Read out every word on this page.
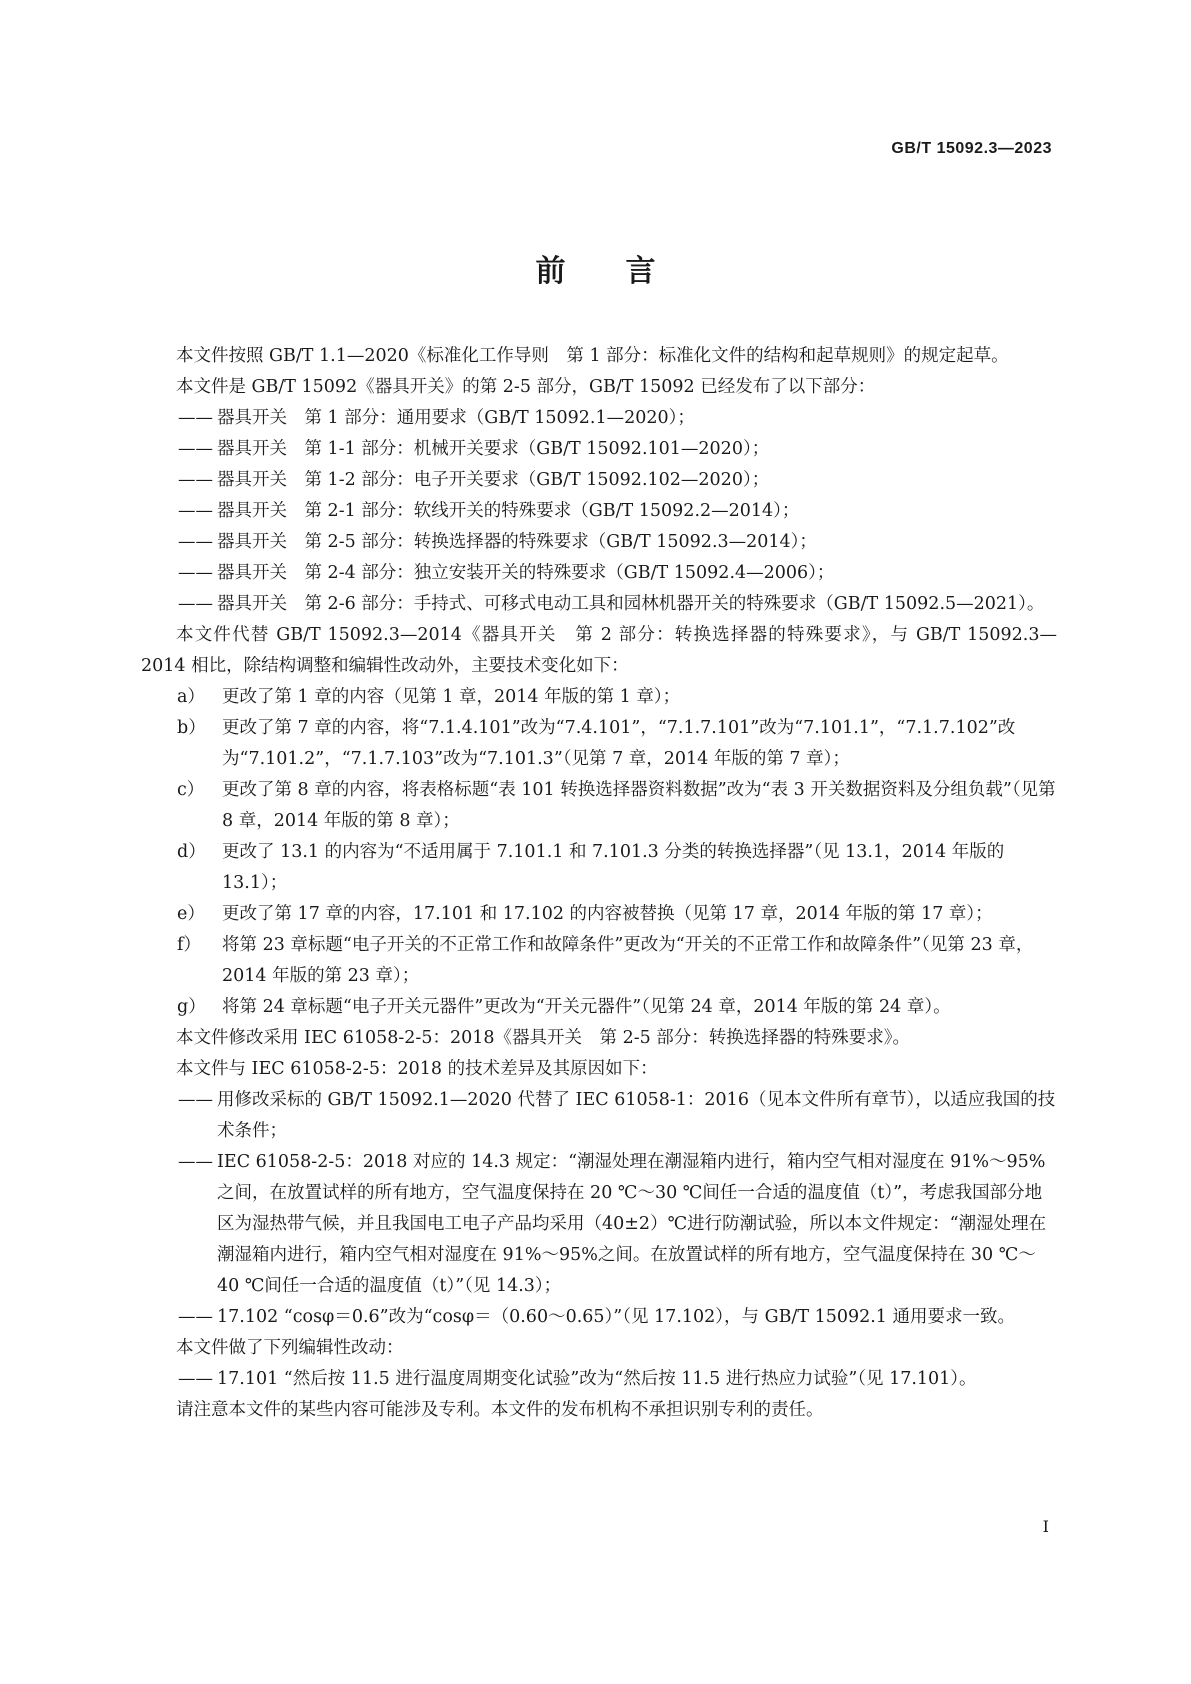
GB/T 15092.3—2023
前 言

本文件按照 GB/T 1.1—2020《标准化工作导则　第 1 部分：标准化文件的结构和起草规则》的规定起草。

本文件是 GB/T 15092《器具开关》的第 2-5 部分，GB/T 15092 已经发布了以下部分：

—— 器具开关　第 1 部分：通用要求（GB/T 15092.1—2020）；
—— 器具开关　第 1-1 部分：机械开关要求（GB/T 15092.101—2020）；
—— 器具开关　第 1-2 部分：电子开关要求（GB/T 15092.102—2020）；
—— 器具开关　第 2-1 部分：软线开关的特殊要求（GB/T 15092.2—2014）；
—— 器具开关　第 2-5 部分：转换选择器的特殊要求（GB/T 15092.3—2014）；
—— 器具开关　第 2-4 部分：独立安装开关的特殊要求（GB/T 15092.4—2006）；
—— 器具开关　第 2-6 部分：手持式、可移式电动工具和园林机器开关的特殊要求（GB/T 15092.5—2021）。

本文件代替 GB/T 15092.3—2014《器具开关　第 2 部分：转换选择器的特殊要求》，与 GB/T 15092.3—2014 相比，除结构调整和编辑性改动外，主要技术变化如下：

a） 更改了第 1 章的内容（见第 1 章，2014 年版的第 1 章）；
b） 更改了第 7 章的内容，将“7.1.4.101”改为“7.4.101”，“7.1.7.101”改为“7.101.1”，“7.1.7.102”改为“7.101.2”，“7.1.7.103”改为“7.101.3”（见第 7 章，2014 年版的第 7 章）；
c） 更改了第 8 章的内容，将表格标题“表 101 转换选择器资料数据”改为“表 3 开关数据资料及分组负载”（见第 8 章，2014 年版的第 8 章）；
d） 更改了 13.1 的内容为“不适用属于 7.101.1 和 7.101.3 分类的转换选择器”（见 13.1，2014 年版的 13.1）；
e） 更改了第 17 章的内容，17.101 和 17.102 的内容被替换（见第 17 章，2014 年版的第 17 章）；
f） 将第 23 章标题“电子开关的不正常工作和故障条件”更改为“开关的不正常工作和故障条件”（见第 23 章，2014 年版的第 23 章）；
g） 将第 24 章标题“电子开关元器件”更改为“开关元器件”（见第 24 章，2014 年版的第 24 章）。

本文件修改采用 IEC 61058-2-5：2018《器具开关　第 2-5 部分：转换选择器的特殊要求》。

本文件与 IEC 61058-2-5：2018 的技术差异及其原因如下：

—— 用修改采标的 GB/T 15092.1—2020 代替了 IEC 61058-1：2016（见本文件所有章节），以适应我国的技术条件；
—— IEC 61058-2-5：2018 对应的 14.3 规定：“潮湿处理在潮湿箱内进行，箱内空气相对湿度在 91%～95%之间，在放置试样的所有地方，空气温度保持在 20 ℃～30 ℃间任一合适的温度值（t）”，考虑我国部分地区为湿热带气候，并且我国电工电子产品均采用（40±2）℃进行防潮试验，所以本文件规定：“潮湿处理在潮湿箱内进行，箱内空气相对湿度在 91%～95%之间。在放置试样的所有地方，空气温度保持在 30 ℃～40 ℃间任一合适的温度值（t）”（见 14.3）；
—— 17.102 “cosφ＝0.6”改为“cosφ＝（0.60～0.65）”（见 17.102），与 GB/T 15092.1 通用要求一致。

本文件做了下列编辑性改动：

—— 17.101 “然后按 11.5 进行温度周期变化试验”改为“然后按 11.5 进行热应力试验”（见 17.101）。

请注意本文件的某些内容可能涉及专利。本文件的发布机构不承担识别专利的责任。

I
